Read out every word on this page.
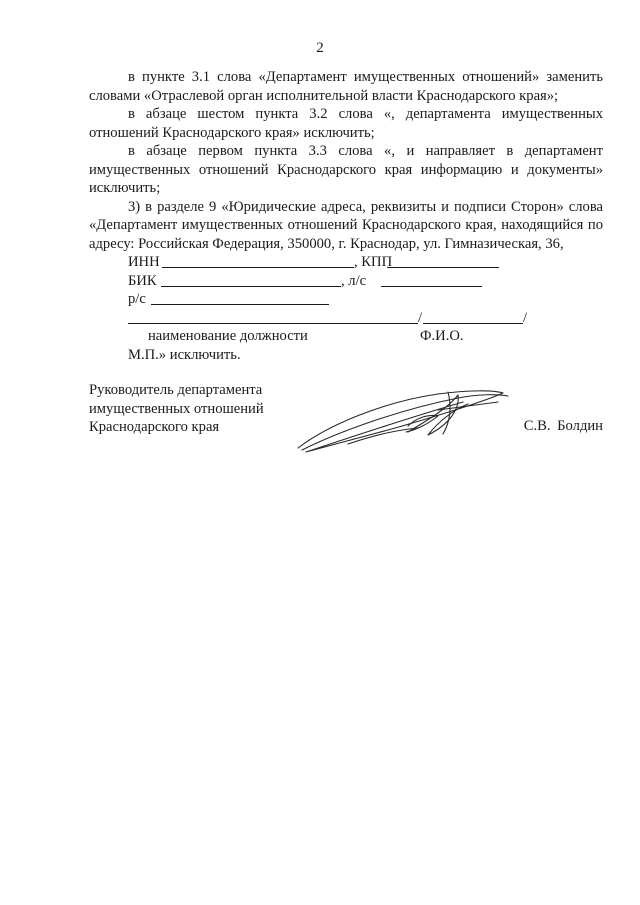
2

в пункте 3.1 слова «Департамент имущественных отношений» заменить словами «Отраслевой орган исполнительной власти Краснодарского края»;

в абзаце шестом пункта 3.2 слова «, департамента имущественных отношений Краснодарского края» исключить;

в абзаце первом пункта 3.3 слова «, и направляет в департамент имущественных отношений Краснодарского края информацию и документы» исключить;

3) в разделе 9 «Юридические адреса, реквизиты и подписи Сторон» слова «Департамент имущественных отношений Краснодарского края, находящийся по адресу: Российская Федерация, 350000, г. Краснодар, ул. Гимназическая, 36,

ИНН	, КПП
БИК	, л/с
р/с
/	/
наименование должности	Ф.И.О.
М.П.» исключить.
Руководитель департамента
имущественных отношений
Краснодарского края	С.В. Болдин
